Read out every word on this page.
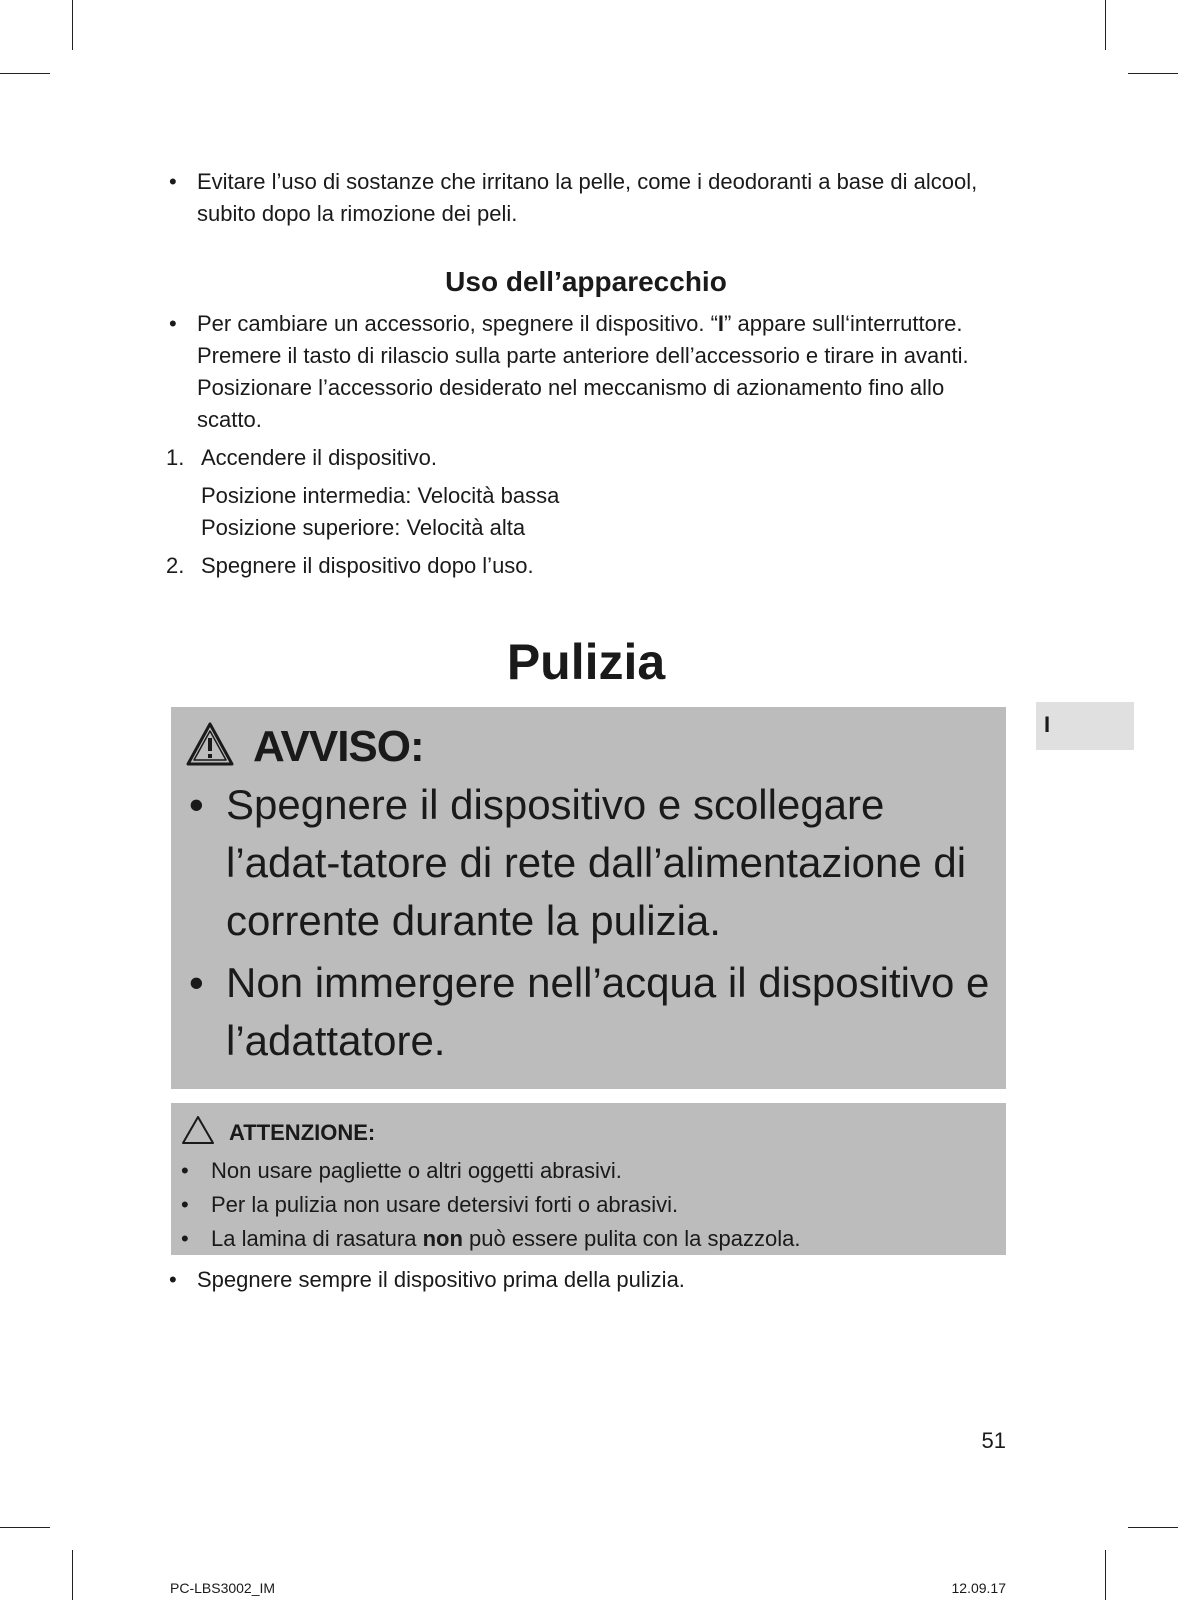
• Evitare l’uso di sostanze che irritano la pelle, come i deodoranti a base di alcool, subito dopo la rimozione dei peli.
Uso dell’apparecchio
• Per cambiare un accessorio, spegnere il dispositivo. “I” appare sull‘interruttore. Premere il tasto di rilascio sulla parte anteriore dell’accessorio e tirare in avanti. Posizionare l’accessorio desiderato nel meccanismo di azionamento fino allo scatto.
1. Accendere il dispositivo.
Posizione intermedia: Velocità bassa
Posizione superiore: Velocità alta
2. Spegnere il dispositivo dopo l’uso.
Pulizia
AVVISO:
• Spegnere il dispositivo e scollegare l’adat-tatore di rete dall’alimentazione di corrente durante la pulizia.
• Non immergere nell’acqua il dispositivo e l’adattatore.
ATTENZIONE:
• Non usare pagliette o altri oggetti abrasivi.
• Per la pulizia non usare detersivi forti o abrasivi.
• La lamina di rasatura non può essere pulita con la spazzola.
• Spegnere sempre il dispositivo prima della pulizia.
I
51
PC-LBS3002_IM	12.09.17
